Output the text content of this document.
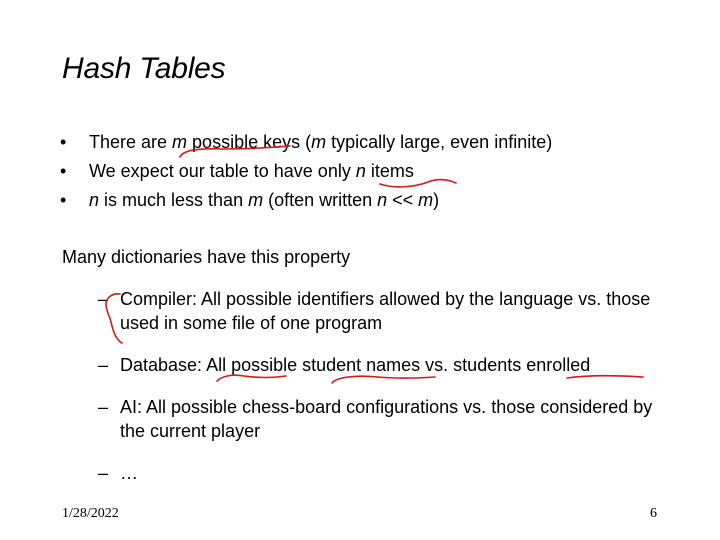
Hash Tables
• There are m possible keys (m typically large, even infinite)
• We expect our table to have only n items
• n is much less than m (often written n << m)
Many dictionaries have this property
– Compiler: All possible identifiers allowed by the language vs. those used in some file of one program
– Database: All possible student names vs. students enrolled
– AI: All possible chess-board configurations vs. those considered by the current player
– …
1/28/2022	6
